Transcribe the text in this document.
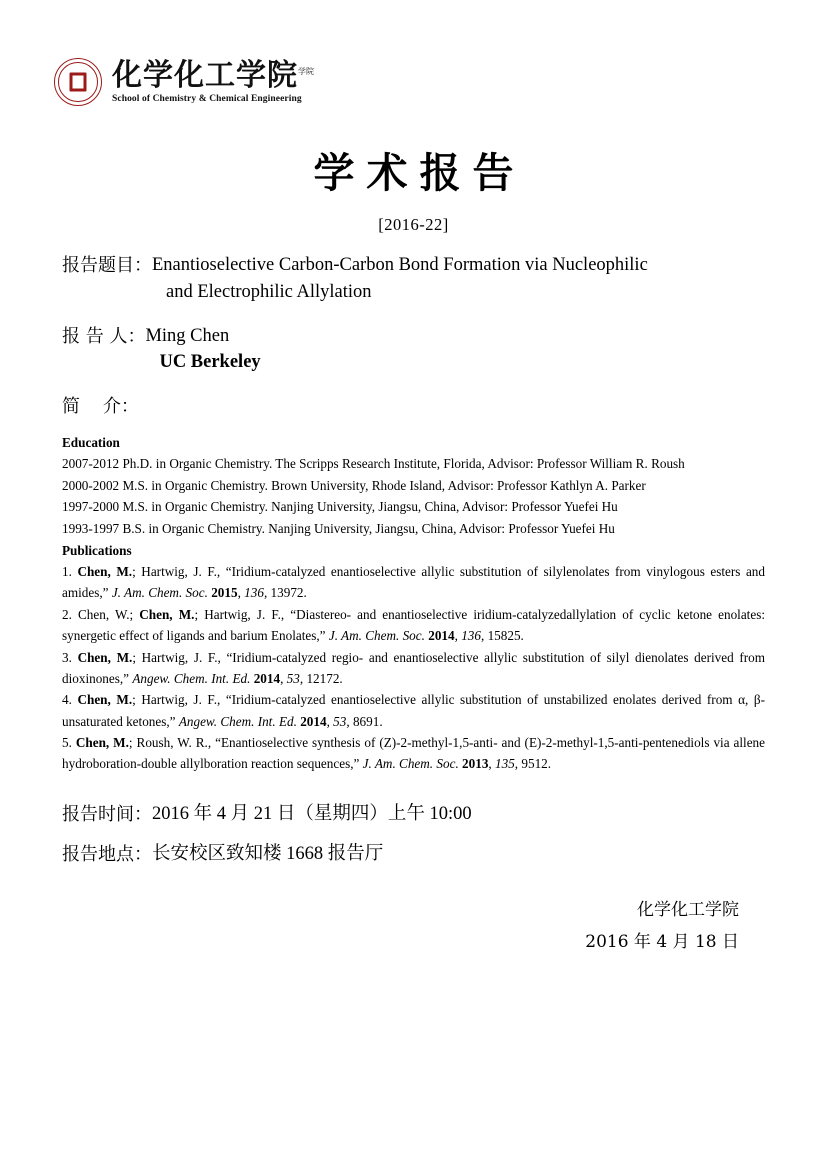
化学化工学院$^{学院}$
School of Chemistry & Chemical Engineering
学术报告
[2016-22]
报告题目： Enantioselective Carbon-Carbon Bond Formation via Nucleophilic
and Electrophilic Allylation
报 告 人： Ming Chen
UC Berkeley
简    介：
Education

2007-2012 Ph.D. in Organic Chemistry. The Scripps Research Institute, Florida, Advisor: Professor William R. Roush

2000-2002 M.S. in Organic Chemistry. Brown University, Rhode Island, Advisor: Professor Kathlyn A. Parker

1997-2000 M.S. in Organic Chemistry. Nanjing University, Jiangsu, China, Advisor: Professor Yuefei Hu

1993-1997 B.S. in Organic Chemistry. Nanjing University, Jiangsu, China, Advisor: Professor Yuefei Hu

Publications

1. Chen, M.; Hartwig, J. F., “Iridium-catalyzed enantioselective allylic substitution of silylenolates from vinylogous esters and amides,” J. Am. Chem. Soc. 2015, 136, 13972.

2. Chen, W.; Chen, M.; Hartwig, J. F., “Diastereo- and enantioselective iridium-catalyzedallylation of cyclic ketone enolates: synergetic effect of ligands and barium Enolates,” J. Am. Chem. Soc. 2014, 136, 15825.

3. Chen, M.; Hartwig, J. F., “Iridium-catalyzed regio- and enantioselective allylic substitution of silyl dienolates derived from dioxinones,” Angew. Chem. Int. Ed. 2014, 53, 12172.

4. Chen, M.; Hartwig, J. F., “Iridium-catalyzed enantioselective allylic substitution of unstabilized enolates derived from α, β-unsaturated ketones,” Angew. Chem. Int. Ed. 2014, 53, 8691.

5. Chen, M.; Roush, W. R., “Enantioselective synthesis of (Z)-2-methyl-1,5-anti- and (E)-2-methyl-1,5-anti-pentenediols via allene hydroboration-double allylboration reaction sequences,” J. Am. Chem. Soc. 2013, 135, 9512.

报告时间： 2016 年 4 月 21 日（星期四）上午 10:00
报告地点： 长安校区致知楼 1668 报告厅
化学化工学院
2016 年 4 月 18 日
